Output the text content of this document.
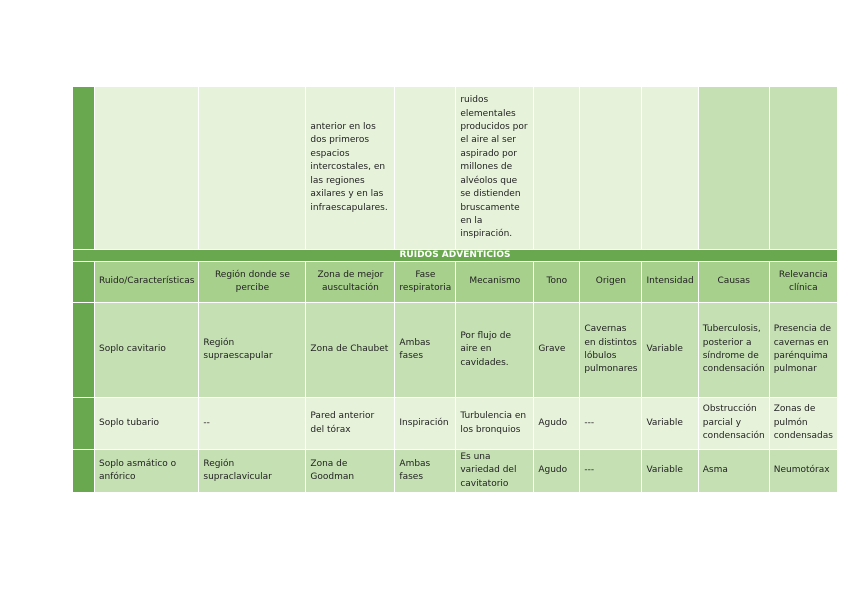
			anterior en los dos primeros espacios intercostales, en las regiones axilares y en las infraescapulares.		ruidos elementales producidos por el aire al ser aspirado por millones de alvéolos que se distienden bruscamente en la inspiración.					
RUIDOS ADVENTICIOS										
	Ruido/Características	Región donde se percibe	Zona de mejor auscultación	Fase respiratoria	Mecanismo	Tono	Origen	Intensidad	Causas	Relevancia clínica
	Soplo cavitario	Región supraescapular	Zona de Chaubet	Ambas fases	Por flujo de aire en cavidades.	Grave	Cavernas en distintos lóbulos pulmonares	Variable	Tuberculosis, posterior a síndrome de condensación	Presencia de cavernas en parénquima pulmonar
	Soplo tubario	--	Pared anterior del tórax	Inspiración	Turbulencia en los bronquios	Agudo	---	Variable	Obstrucción parcial y condensación	Zonas de pulmón condensadas
	Soplo asmático o anfórico	Región supraclavicular	Zona de Goodman	Ambas fases	Es una variedad del cavitatorio	Agudo	---	Variable	Asma	Neumotórax
